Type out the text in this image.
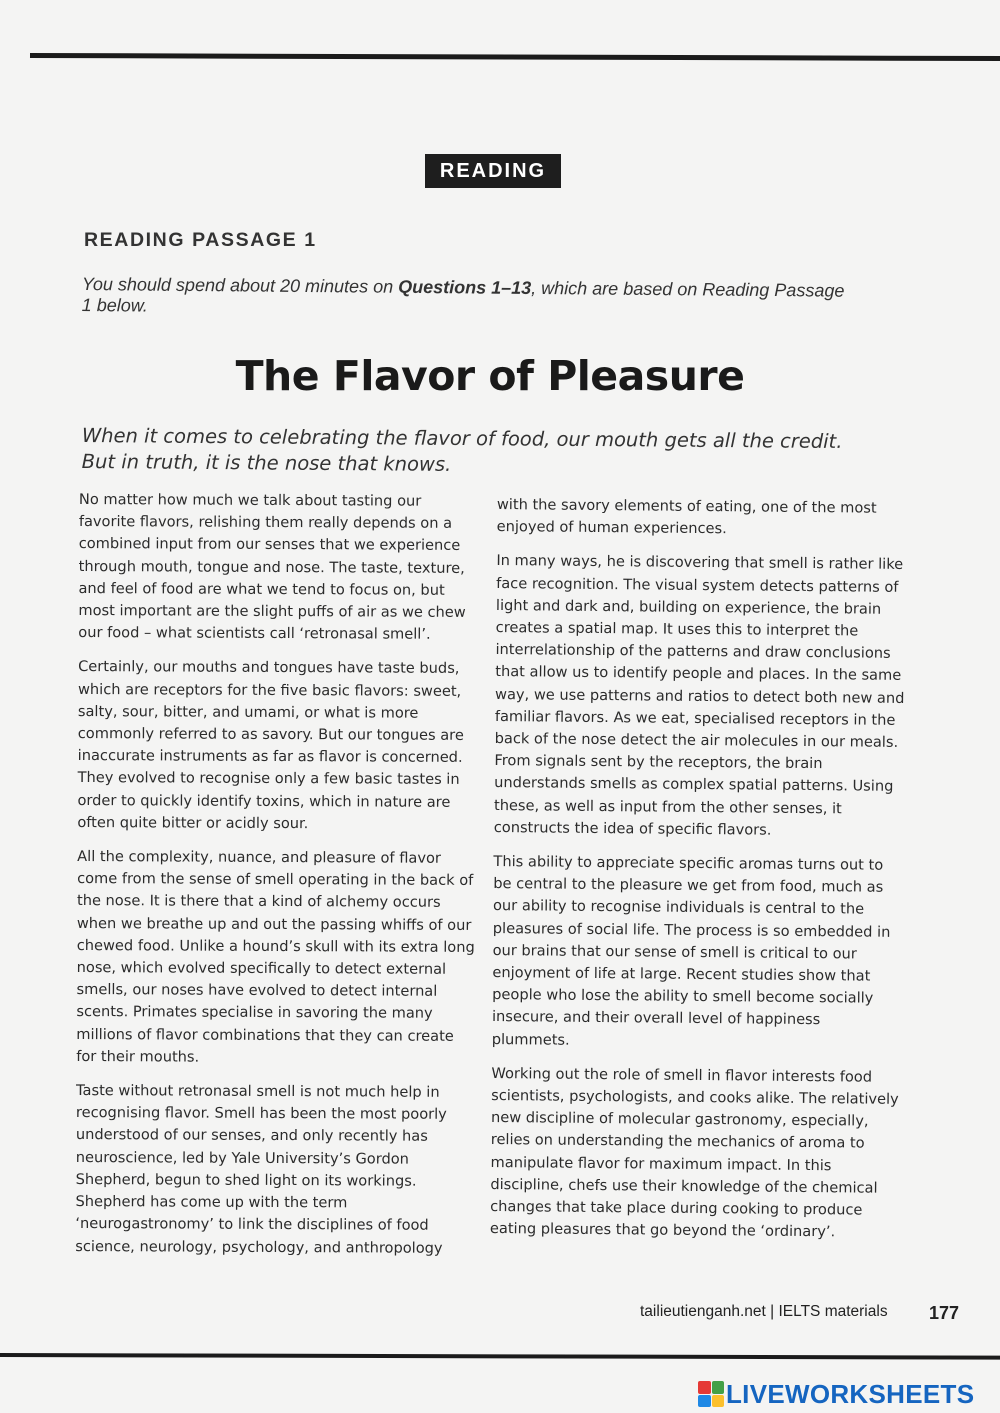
READING
READING PASSAGE 1
You should spend about 20 minutes on Questions 1–13, which are based on Reading Passage 1 below.
The Flavor of Pleasure
When it comes to celebrating the flavor of food, our mouth gets all the credit.
But in truth, it is the nose that knows.

No matter how much we talk about tasting our favorite flavors, relishing them really depends on a combined input from our senses that we experience through mouth, tongue and nose. The taste, texture, and feel of food are what we tend to focus on, but most important are the slight puffs of air as we chew our food – what scientists call ‘retronasal smell’.

Certainly, our mouths and tongues have taste buds, which are receptors for the five basic flavors: sweet, salty, sour, bitter, and umami, or what is more commonly referred to as savory. But our tongues are inaccurate instruments as far as flavor is concerned. They evolved to recognise only a few basic tastes in order to quickly identify toxins, which in nature are often quite bitter or acidly sour.

All the complexity, nuance, and pleasure of flavor come from the sense of smell operating in the back of the nose. It is there that a kind of alchemy occurs when we breathe up and out the passing whiffs of our chewed food. Unlike a hound’s skull with its extra long nose, which evolved specifically to detect external smells, our noses have evolved to detect internal scents. Primates specialise in savoring the many millions of flavor combinations that they can create for their mouths.

Taste without retronasal smell is not much help in recognising flavor. Smell has been the most poorly understood of our senses, and only recently has neuroscience, led by Yale University’s Gordon Shepherd, begun to shed light on its workings. Shepherd has come up with the term ‘neurogastronomy’ to link the disciplines of food science, neurology, psychology, and anthropology

with the savory elements of eating, one of the most enjoyed of human experiences.

In many ways, he is discovering that smell is rather like face recognition. The visual system detects patterns of light and dark and, building on experience, the brain creates a spatial map. It uses this to interpret the interrelationship of the patterns and draw conclusions that allow us to identify people and places. In the same way, we use patterns and ratios to detect both new and familiar flavors. As we eat, specialised receptors in the back of the nose detect the air molecules in our meals. From signals sent by the receptors, the brain understands smells as complex spatial patterns. Using these, as well as input from the other senses, it constructs the idea of specific flavors.

This ability to appreciate specific aromas turns out to be central to the pleasure we get from food, much as our ability to recognise individuals is central to the pleasures of social life. The process is so embedded in our brains that our sense of smell is critical to our enjoyment of life at large. Recent studies show that people who lose the ability to smell become socially insecure, and their overall level of happiness plummets.

Working out the role of smell in flavor interests food scientists, psychologists, and cooks alike. The relatively new discipline of molecular gastronomy, especially, relies on understanding the mechanics of aroma to manipulate flavor for maximum impact. In this discipline, chefs use their knowledge of the chemical changes that take place during cooking to produce eating pleasures that go beyond the ‘ordinary’.

tailieutienganh.net | IELTS materials 177
LIVEWORKSHEETS
